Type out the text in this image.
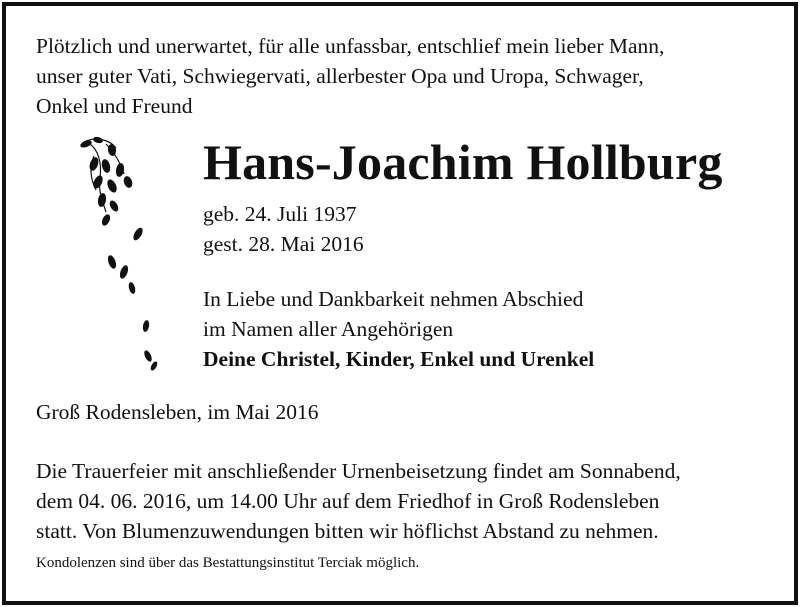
Plötzlich und unerwartet, für alle unfassbar, entschlief mein lieber Mann,
unser guter Vati, Schwiegervati, allerbester Opa und Uropa, Schwager,
Onkel und Freund
Hans-Joachim Hollburg
geb. 24. Juli 1937
gest. 28. Mai 2016
In Liebe und Dankbarkeit nehmen Abschied
im Namen aller Angehörigen
Deine Christel, Kinder, Enkel und Urenkel
Groß Rodensleben, im Mai 2016
Die Trauerfeier mit anschließender Urnenbeisetzung findet am Sonnabend,
dem 04. 06. 2016, um 14.00 Uhr auf dem Friedhof in Groß Rodensleben
statt. Von Blumenzuwendungen bitten wir höflichst Abstand zu nehmen.
Kondolenzen sind über das Bestattungsinstitut Terciak möglich.
